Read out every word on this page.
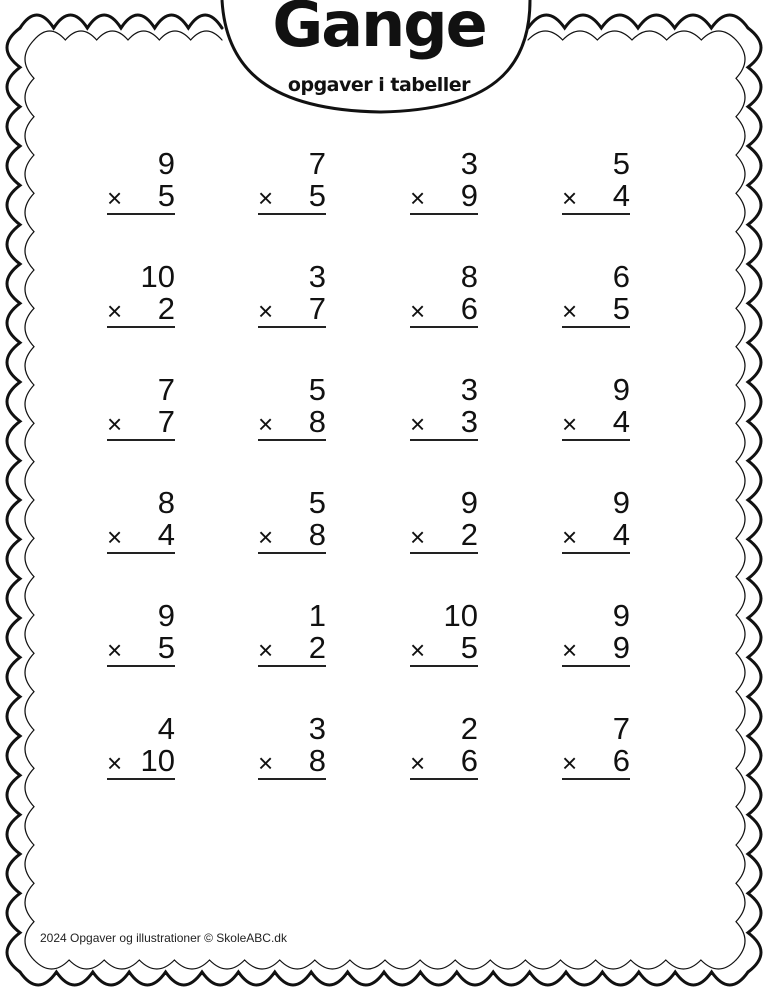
Gange
opgaver i tabeller
9
× 5
7
× 5
3
× 9
5
× 4
10
× 2
3
× 7
8
× 6
6
× 5
7
× 7
5
× 8
3
× 3
9
× 4
8
× 4
5
× 8
9
× 2
9
× 4
9
× 5
1
× 2
10
× 5
9
× 9
4
× 10
3
× 8
2
× 6
7
× 6
2024 Opgaver og illustrationer © SkoleABC.dk
